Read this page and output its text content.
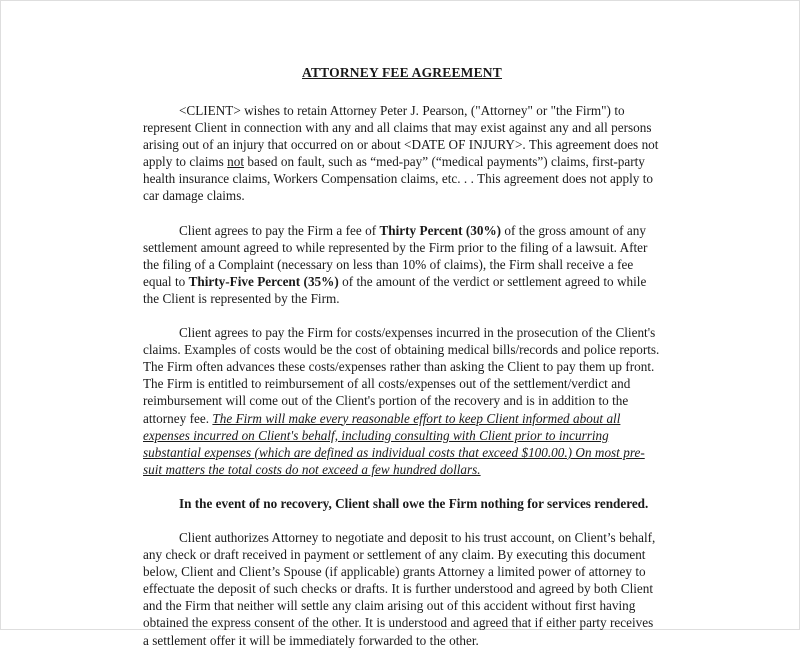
ATTORNEY FEE AGREEMENT

<CLIENT> wishes to retain Attorney Peter J. Pearson, ("Attorney" or "the Firm") to represent Client in connection with any and all claims that may exist against any and all persons arising out of an injury that occurred on or about <DATE OF INJURY>. This agreement does not apply to claims not based on fault, such as “med-pay” (“medical payments”) claims, first-party health insurance claims, Workers Compensation claims, etc. . . This agreement does not apply to car damage claims.

Client agrees to pay the Firm a fee of Thirty Percent (30%) of the gross amount of any settlement amount agreed to while represented by the Firm prior to the filing of a lawsuit. After the filing of a Complaint (necessary on less than 10% of claims), the Firm shall receive a fee equal to Thirty-Five Percent (35%) of the amount of the verdict or settlement agreed to while the Client is represented by the Firm.

Client agrees to pay the Firm for costs/expenses incurred in the prosecution of the Client's claims. Examples of costs would be the cost of obtaining medical bills/records and police reports. The Firm often advances these costs/expenses rather than asking the Client to pay them up front. The Firm is entitled to reimbursement of all costs/expenses out of the settlement/verdict and reimbursement will come out of the Client's portion of the recovery and is in addition to the attorney fee. The Firm will make every reasonable effort to keep Client informed about all expenses incurred on Client's behalf, including consulting with Client prior to incurring substantial expenses (which are defined as individual costs that exceed $100.00.) On most pre-suit matters the total costs do not exceed a few hundred dollars.

In the event of no recovery, Client shall owe the Firm nothing for services rendered.

Client authorizes Attorney to negotiate and deposit to his trust account, on Client’s behalf, any check or draft received in payment or settlement of any claim. By executing this document below, Client and Client’s Spouse (if applicable) grants Attorney a limited power of attorney to effectuate the deposit of such checks or drafts. It is further understood and agreed by both Client and the Firm that neither will settle any claim arising out of this accident without first having obtained the express consent of the other. It is understood and agreed that if either party receives a settlement offer it will be immediately forwarded to the other.
